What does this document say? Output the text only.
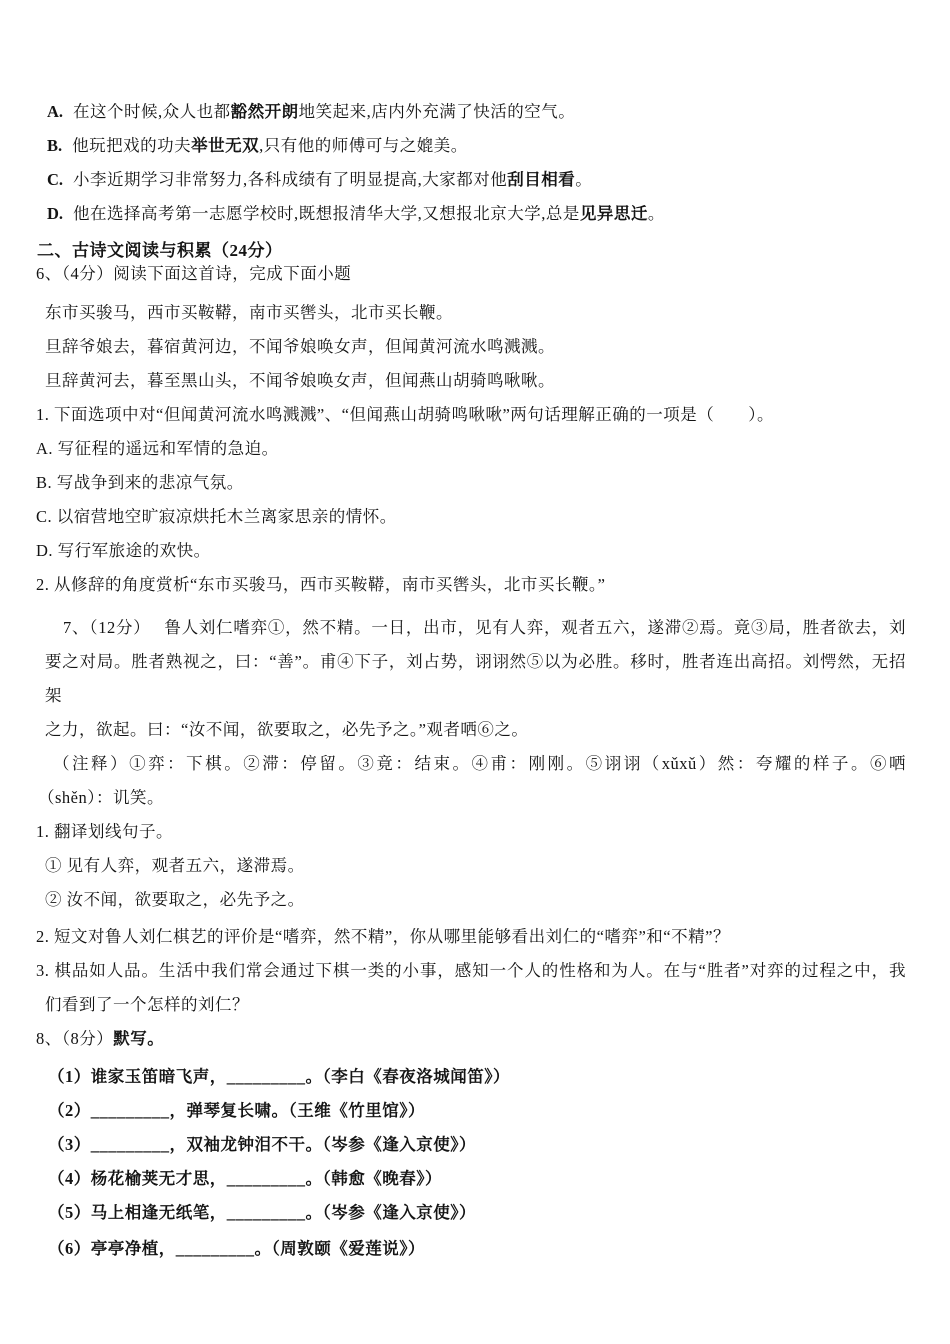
A. 在这个时候,众人也都豁然开朗地笑起来,店内外充满了快活的空气。

B. 他玩把戏的功夫举世无双,只有他的师傅可与之媲美。

C. 小李近期学习非常努力,各科成绩有了明显提高,大家都对他刮目相看。

D. 他在选择高考第一志愿学校时,既想报清华大学,又想报北京大学,总是见异思迁。

二、古诗文阅读与积累（24分）

6、（4分）阅读下面这首诗，完成下面小题

东市买骏马，西市买鞍鞯，南市买辔头，北市买长鞭。

旦辞爷娘去，暮宿黄河边，不闻爷娘唤女声，但闻黄河流水鸣溅溅。

旦辞黄河去，暮至黑山头，不闻爷娘唤女声，但闻燕山胡骑鸣啾啾。

1. 下面选项中对“但闻黄河流水鸣溅溅”、“但闻燕山胡骑鸣啾啾”两句话理解正确的一项是（　　）。

A. 写征程的遥远和军情的急迫。

B. 写战争到来的悲凉气氛。

C. 以宿营地空旷寂凉烘托木兰离家思亲的情怀。

D. 写行军旅途的欢快。

2. 从修辞的角度赏析“东市买骏马，西市买鞍鞯，南市买辔头，北市买长鞭。”

7、（12分）　 鲁人刘仁嗜弈①，然不精。一日，出市，见有人弈，观者五六，遂滞②焉。竟③局，胜者欲去，刘

要之对局。胜者熟视之，曰：“善”。甫④下子，刘占势，诩诩然⑤以为必胜。移时，胜者连出高招。刘愕然，无招架

之力，欲起。曰：“汝不闻，欲要取之，必先予之。”观者哂⑥之。

（注释）①弈：下棋。②滞：停留。③竟：结束。④甫：刚刚。⑤诩诩（xǔxǔ）然：夸耀的样子。⑥哂

（shěn）：讥笑。

1. 翻译划线句子。

① 见有人弈，观者五六，遂滞焉。

② 汝不闻，欲要取之，必先予之。

2. 短文对鲁人刘仁棋艺的评价是“嗜弈，然不精”，你从哪里能够看出刘仁的“嗜弈”和“不精”？

3. 棋品如人品。生活中我们常会通过下棋一类的小事，感知一个人的性格和为人。在与“胜者”对弈的过程之中，我

们看到了一个怎样的刘仁？

8、（8分）默写。

（1）谁家玉笛暗飞声，_________。（李白《春夜洛城闻笛》）

（2）_________，弹琴复长啸。（王维《竹里馆》）

（3）_________，双袖龙钟泪不干。（岑参《逢入京使》）

（4）杨花榆荚无才思，_________。（韩愈《晚春》）

（5）马上相逢无纸笔，_________。（岑参《逢入京使》）

（6）亭亭净植，_________。（周敦颐《爱莲说》）
